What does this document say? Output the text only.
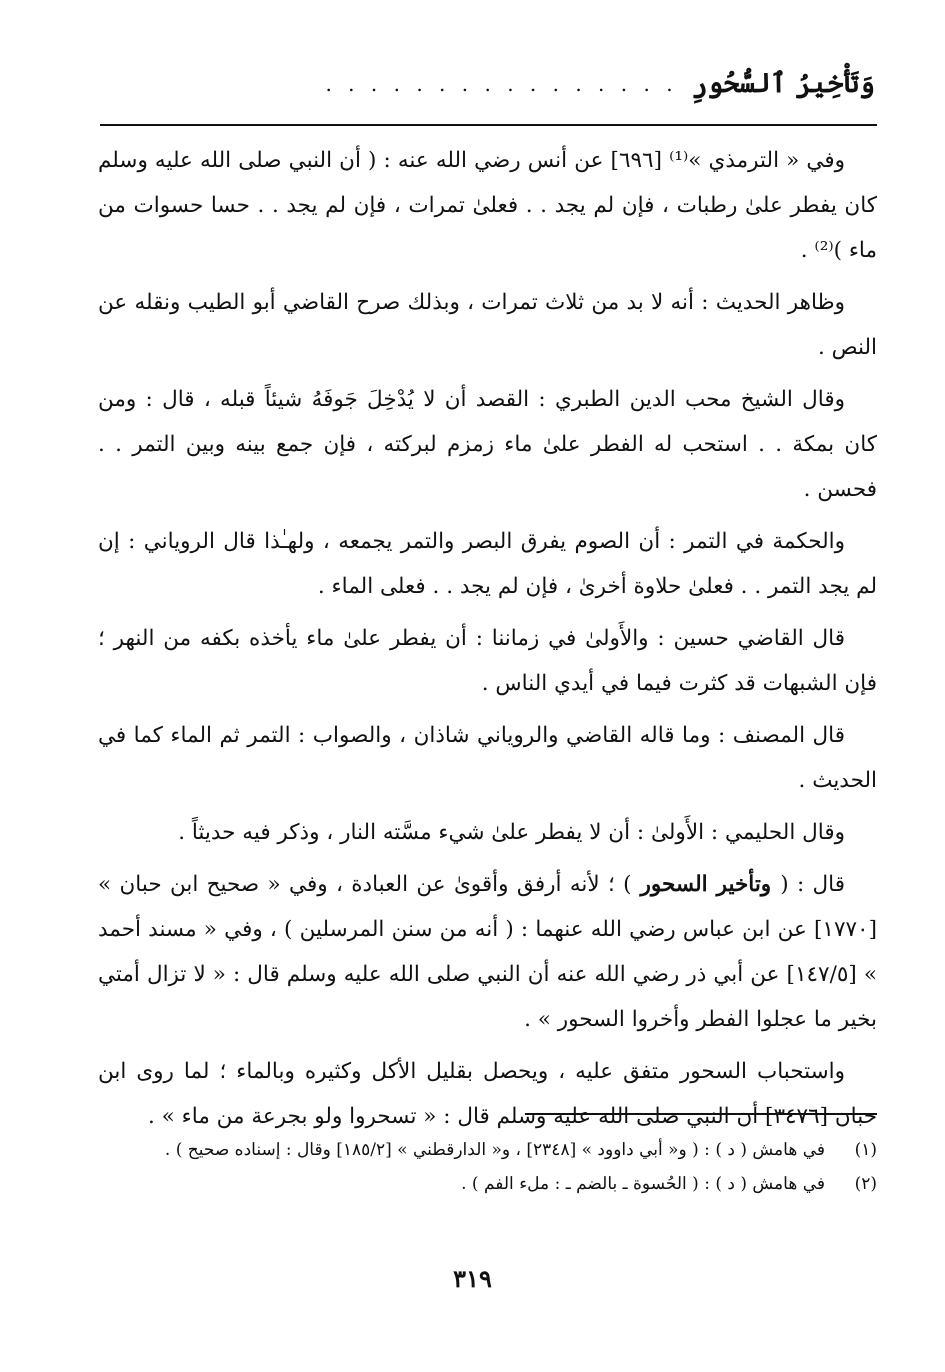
وَتَأْخِيرُ ٱلسُّحُورِ. . . . . . . . . . . . . . . .

وفي « الترمذي »⁽¹⁾ [٦٩٦] عن أنس رضي الله عنه : ( أن النبي صلى الله عليه وسلم كان يفطر علىٰ رطبات ، فإن لم يجد . . فعلىٰ تمرات ، فإن لم يجد . . حسا حسوات من ماء )⁽²⁾ .

وظاهر الحديث : أنه لا بد من ثلاث تمرات ، وبذلك صرح القاضي أبو الطيب ونقله عن النص .

وقال الشيخ محب الدين الطبري : القصد أن لا يُدْخِلَ جَوفَهُ شيئاً قبله ، قال : ومن كان بمكة . . استحب له الفطر علىٰ ماء زمزم لبركته ، فإن جمع بينه وبين التمر . . فحسن .

والحكمة في التمر : أن الصوم يفرق البصر والتمر يجمعه ، ولهـٰذا قال الروياني : إن لم يجد التمر . . فعلىٰ حلاوة أخرىٰ ، فإن لم يجد . . فعلى الماء .

قال القاضي حسين : والأَولىٰ في زماننا : أن يفطر علىٰ ماء يأخذه بكفه من النهر ؛ فإن الشبهات قد كثرت فيما في أيدي الناس .

قال المصنف : وما قاله القاضي والروياني شاذان ، والصواب : التمر ثم الماء كما في الحديث .

وقال الحليمي : الأَولىٰ : أن لا يفطر علىٰ شيء مسَّته النار ، وذكر فيه حديثاً .

قال : ( وتأخير السحور ) ؛ لأنه أرفق وأقوىٰ عن العبادة ، وفي « صحيح ابن حبان » [١٧٧٠] عن ابن عباس رضي الله عنهما : ( أنه من سنن المرسلين ) ، وفي « مسند أحمد » [١٤٧/٥] عن أبي ذر رضي الله عنه أن النبي صلى الله عليه وسلم قال : « لا تزال أمتي بخير ما عجلوا الفطر وأخروا السحور » .

واستحباب السحور متفق عليه ، ويحصل بقليل الأكل وكثيره وبالماء ؛ لما روى ابن حبان [٣٤٧٦] أن النبي صلى الله عليه وسلم قال : « تسحروا ولو بجرعة من ماء » .

(١)
في هامش ( د ) : ( و« أبي داوود » [٢٣٤٨] ، و« الدارقطني » [١٨٥/٢] وقال : إسناده صحيح ) .
(٢)
في هامش ( د ) : ( الحُسوة ـ بالضم ـ : ملء الفم ) .
٣١٩
